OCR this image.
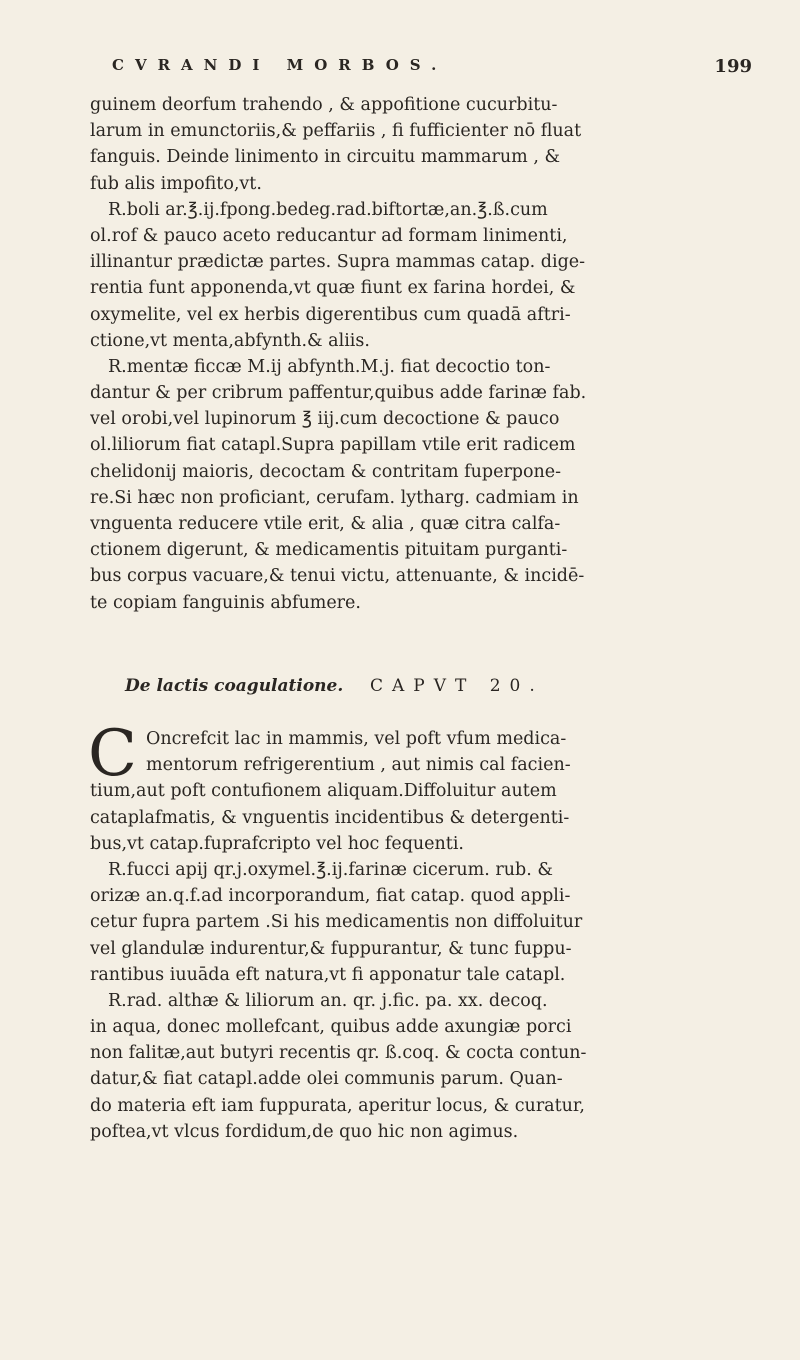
CVRANDI MORBOS.	199
guinem deorfum trahendo , & appofitione cucurbitu-
larum in emunctoriis,& peffariis , fi fufficienter nō fluat
fanguis. Deinde linimento in circuitu mammarum , &
fub alis impofito,vt.
R.boli ar.℥.ij.fpong.bedeg.rad.biftortæ,an.℥.ß.cum
ol.rof & pauco aceto reducantur ad formam linimenti,
illinantur prædictæ partes. Supra mammas catap. dige-
rentia funt apponenda,vt quæ fiunt ex farina hordei, &
oxymelite, vel ex herbis digerentibus cum quadā aftri-
ctione,vt menta,abfynth.& aliis.
R.mentæ ficcæ M.ij abfynth.M.j. fiat decoctio ton-
dantur & per cribrum paffentur,quibus adde farinæ fab.
vel orobi,vel lupinorum ℥ iij.cum decoctione & pauco
ol.liliorum fiat catapl.Supra papillam vtile erit radicem
chelidonij maioris, decoctam & contritam fuperpone-
re.Si hæc non proficiant, cerufam. lytharg. cadmiam in
vnguenta reducere vtile erit, & alia , quæ citra calfa-
ctionem digerunt, & medicamentis pituitam purganti-
bus corpus vacuare,& tenui victu, attenuante, & incidē-
te copiam fanguinis abfumere.
De lactis coagulatione. CAPVT 20.
C Oncrefcit lac in mammis, vel poft vfum medica-
mentorum refrigerentium , aut nimis cal facien-
tium,aut poft contufionem aliquam.Diffoluitur autem
cataplafmatis, & vnguentis incidentibus & detergenti-
bus,vt catap.fuprafcripto vel hoc fequenti.
R.fucci apij qr.j.oxymel.℥.ij.farinæ cicerum. rub. &
orizæ an.q.f.ad incorporandum, fiat catap. quod appli-
cetur fupra partem .Si his medicamentis non diffoluitur
vel glandulæ indurentur,& fuppurantur, & tunc fuppu-
rantibus iuuāda eft natura,vt fi apponatur tale catapl.
R.rad. althæ & liliorum an. qr. j.fic. pa. xx. decoq.
in aqua, donec mollefcant, quibus adde axungiæ porci
non falitæ,aut butyri recentis qr. ß.coq. & cocta contun-
datur,& fiat catapl.adde olei communis parum. Quan-
do materia eft iam fuppurata, aperitur locus, & curatur,
poftea,vt vlcus fordidum,de quo hic non agimus.
